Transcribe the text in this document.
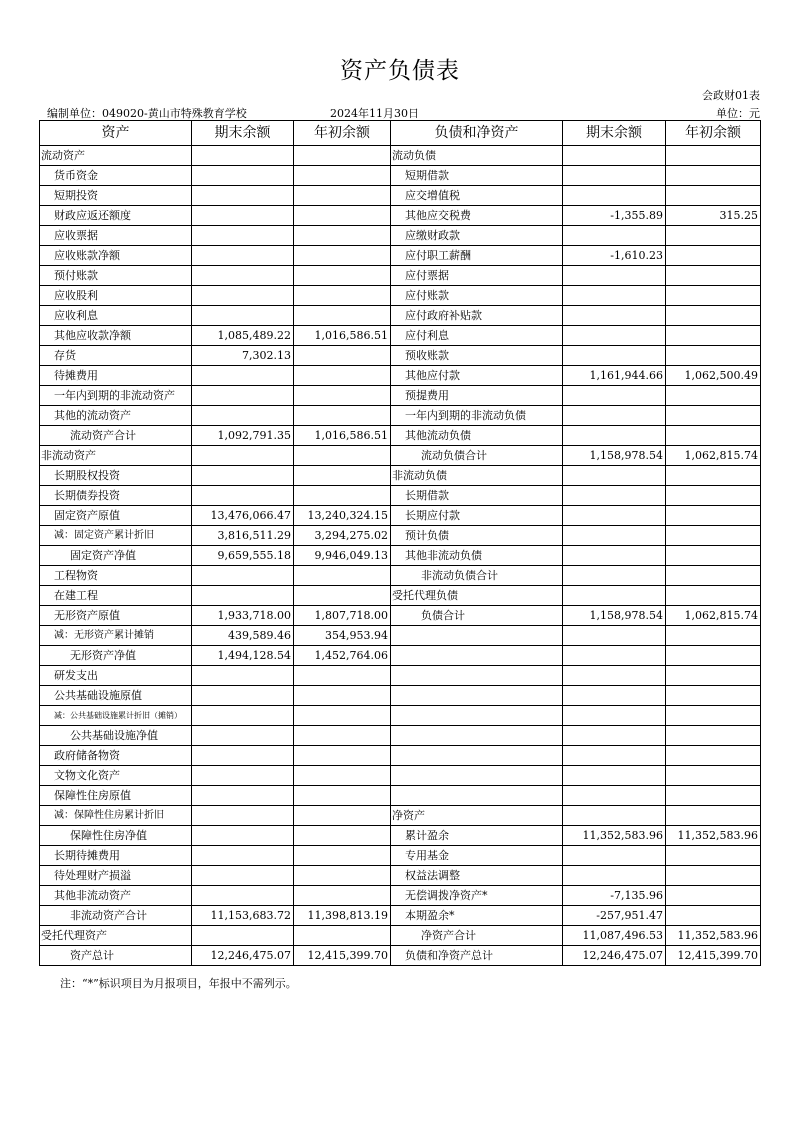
资产负债表
会政财01表
编制单位：049020-黄山市特殊教育学校	2024年11月30日	单位：元
资产	期末余额	年初余额	负债和净资产	期末余额	年初余额
流动资产			流动负债		
货币资金			短期借款		
短期投资			应交增值税		
财政应返还额度			其他应交税费	-1,355.89	315.25
应收票据			应缴财政款		
应收账款净额			应付职工薪酬	-1,610.23	
预付账款			应付票据		
应收股利			应付账款		
应收利息			应付政府补贴款		
其他应收款净额	1,085,489.22	1,016,586.51	应付利息		
存货	7,302.13		预收账款		
待摊费用			其他应付款	1,161,944.66	1,062,500.49
一年内到期的非流动资产			预提费用		
其他的流动资产			一年内到期的非流动负债		
流动资产合计	1,092,791.35	1,016,586.51	其他流动负债		
非流动资产			流动负债合计	1,158,978.54	1,062,815.74
长期股权投资			非流动负债		
长期债券投资			长期借款		
固定资产原值	13,476,066.47	13,240,324.15	长期应付款		
减：固定资产累计折旧	3,816,511.29	3,294,275.02	预计负债		
固定资产净值	9,659,555.18	9,946,049.13	其他非流动负债		
工程物资			非流动负债合计		
在建工程			受托代理负债		
无形资产原值	1,933,718.00	1,807,718.00	负债合计	1,158,978.54	1,062,815.74
减：无形资产累计摊销	439,589.46	354,953.94			
无形资产净值	1,494,128.54	1,452,764.06			
研发支出					
公共基础设施原值					
减：公共基础设施累计折旧（摊销）					
公共基础设施净值					
政府储备物资					
文物文化资产					
保障性住房原值					
减：保障性住房累计折旧			净资产		
保障性住房净值			累计盈余	11,352,583.96	11,352,583.96
长期待摊费用			专用基金		
待处理财产损溢			权益法调整		
其他非流动资产			无偿调拨净资产*	-7,135.96	
非流动资产合计	11,153,683.72	11,398,813.19	本期盈余*	-257,951.47	
受托代理资产			净资产合计	11,087,496.53	11,352,583.96
资产总计	12,246,475.07	12,415,399.70	负债和净资产总计	12,246,475.07	12,415,399.70
注：“*”标识项目为月报项目，年报中不需列示。
